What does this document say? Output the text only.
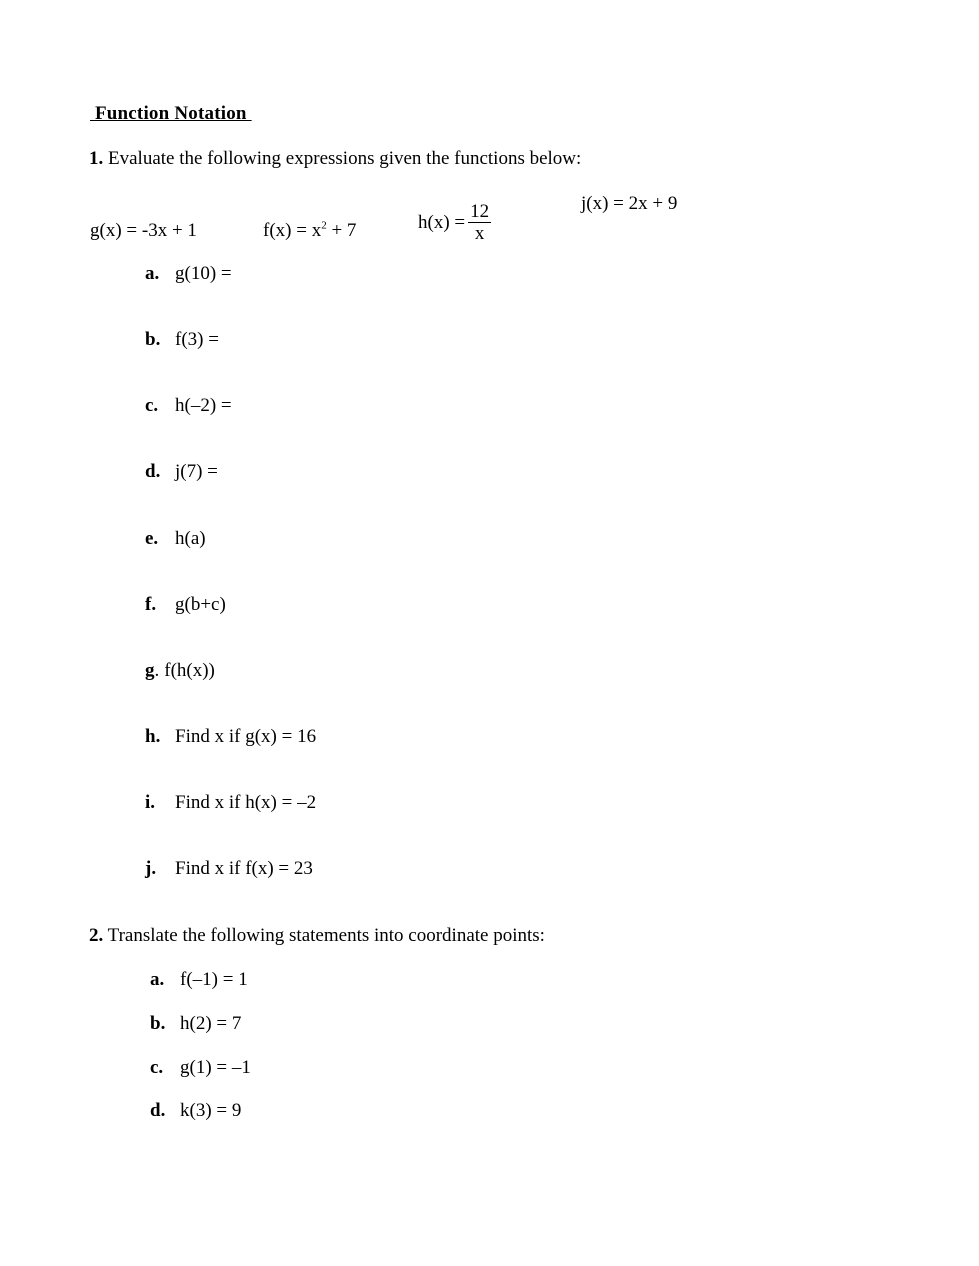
Function Notation
1. Evaluate the following expressions given the functions below:
g(x) = -3x + 1	$f(x) = x^2 + 7$	$h(x) = \frac{12}{x}$	j(x) = 2x + 9
a. g(10) =
b. f(3) =
c. h(–2) =
d. j(7) =
e. h(a)
f. g(b+c)
g. f(h(x))
h. Find x if g(x) = 16
i. Find x if h(x) = –2
j. Find x if f(x) = 23
2. Translate the following statements into coordinate points:
a. f(–1) = 1
b. h(2) = 7
c. g(1) = –1
d. k(3) = 9
